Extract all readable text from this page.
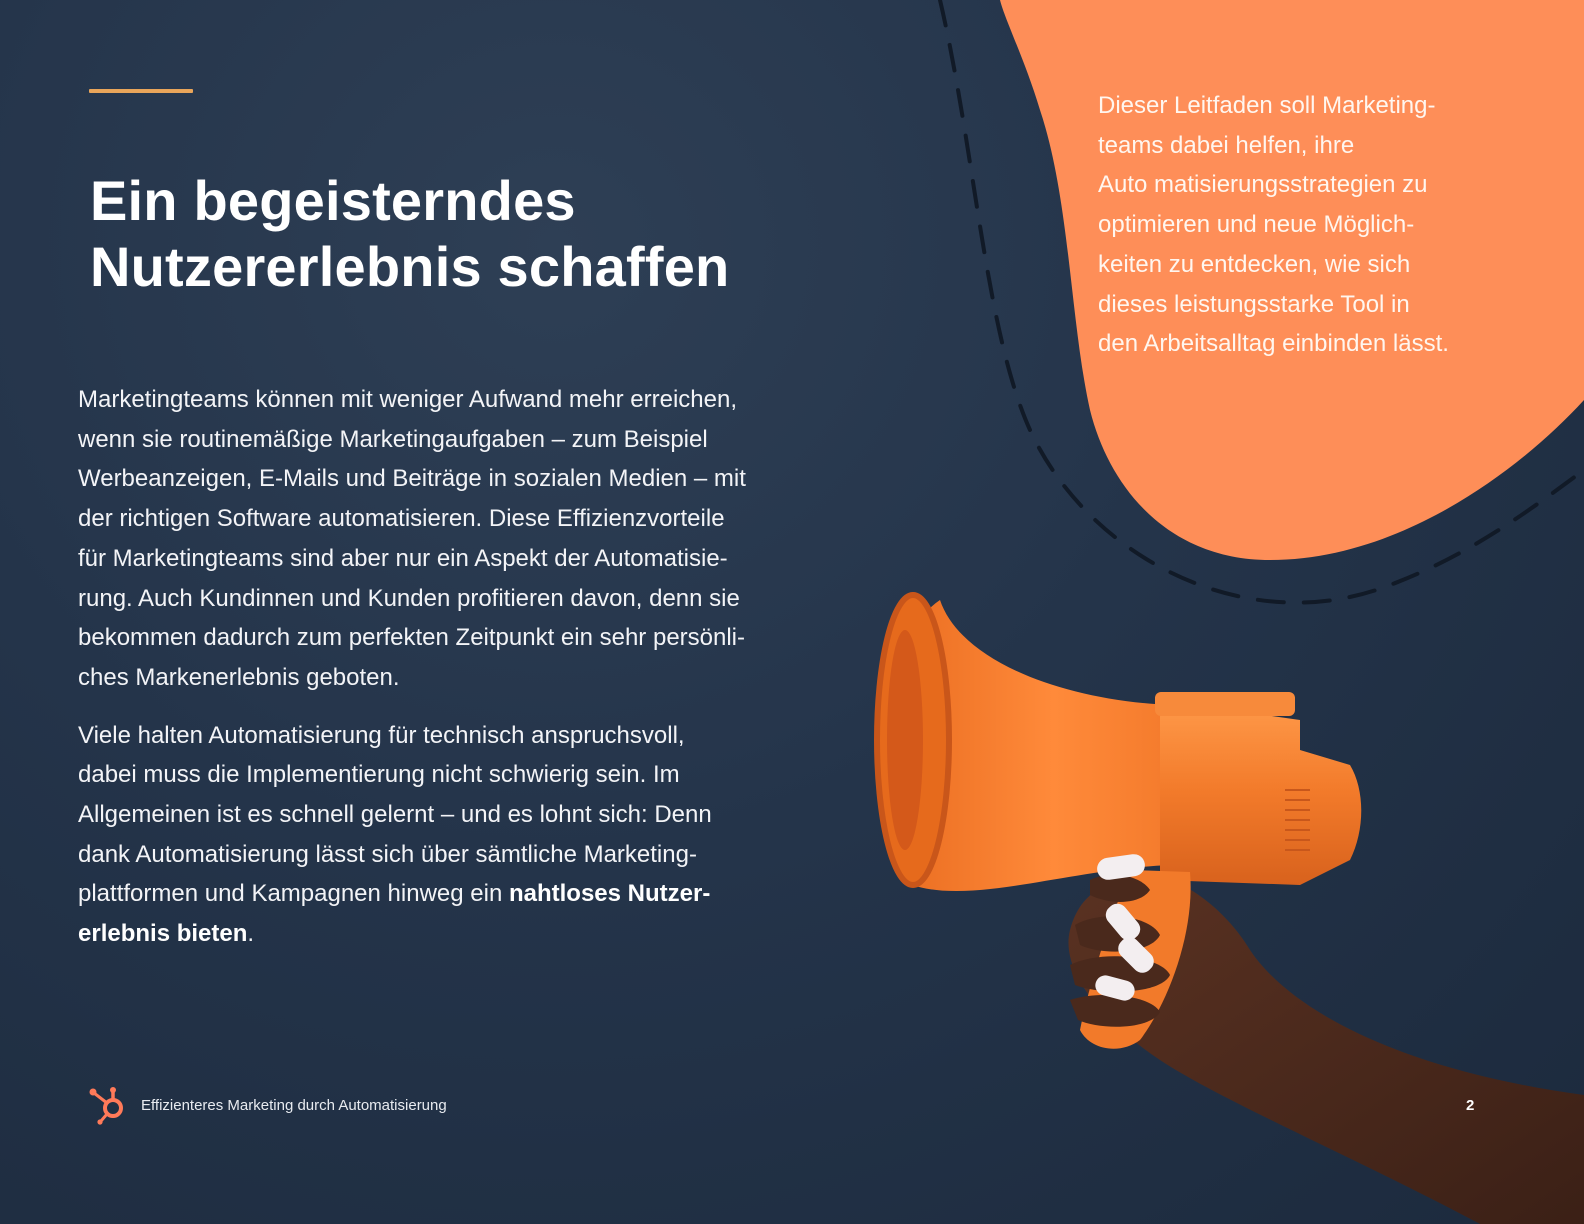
Ein begeisterndes
Nutzererlebnis schaffen

Marketingteams können mit weniger Aufwand mehr erreichen,
wenn sie routinemäßige Marketingaufgaben – zum Beispiel
Werbeanzeigen, E-Mails und Beiträge in sozialen Medien – mit
der richtigen Software automatisieren. Diese Effizienzvorteile
für Marketingteams sind aber nur ein Aspekt der Automatisie-
rung. Auch Kundinnen und Kunden profitieren davon, denn sie
bekommen dadurch zum perfekten Zeitpunkt ein sehr persönli-
ches Markenerlebnis geboten.

Viele halten Automatisierung für technisch anspruchsvoll,
dabei muss die Implementierung nicht schwierig sein. Im
Allgemeinen ist es schnell gelernt – und es lohnt sich: Denn
dank Automatisierung lässt sich über sämtliche Marketing-
plattformen und Kampagnen hinweg ein nahtloses Nutzer-
erlebnis bieten.

Dieser Leitfaden soll Marketing-
teams dabei helfen, ihre
Auto matisierungsstrategien zu
optimieren und neue Möglich-
keiten zu entdecken, wie sich
dieses leistungsstarke Tool in
den Arbeitsalltag einbinden lässt.
Effizienteres Marketing durch Automatisierung	2
